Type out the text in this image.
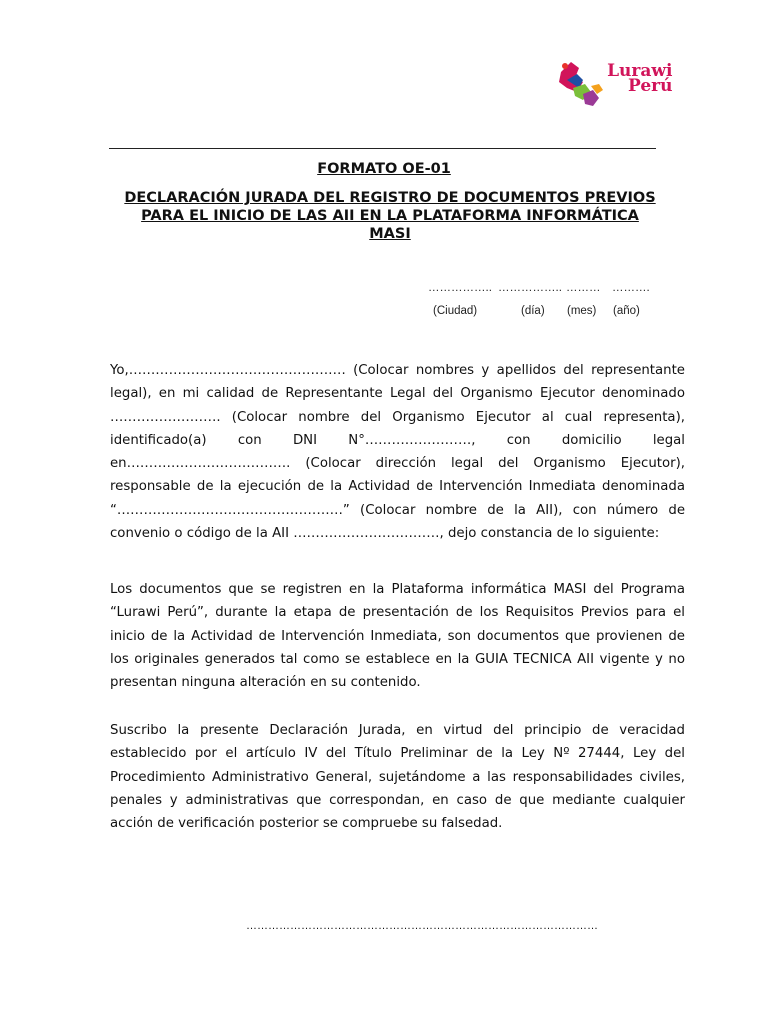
Lurawi
Perú
FORMATO OE-01
DECLARACIÓN JURADA DEL REGISTRO DE DOCUMENTOS PREVIOS
PARA EL INICIO DE LAS AII EN LA PLATAFORMA INFORMÁTICA
MASI
…………….. …………….. ……… ……….
(Ciudad)	(día) (mes) (año)

Yo,…………………………………………. (Colocar nombres y apellidos del representante legal), en mi calidad de Representante Legal del Organismo Ejecutor denominado ……………………. (Colocar nombre del Organismo Ejecutor al cual representa), identificado(a) con DNI N°……………………, con domicilio legal en………………………………. (Colocar dirección legal del Organismo Ejecutor), responsable de la ejecución de la Actividad de Intervención Inmediata denominada “……………………………………………” (Colocar nombre de la AII), con número de convenio o código de la AII ……………………………, dejo constancia de lo siguiente:

Los documentos que se registren en la Plataforma informática MASI del Programa “Lurawi Perú”, durante la etapa de presentación de los Requisitos Previos para el inicio de la Actividad de Intervención Inmediata, son documentos que provienen de los originales generados tal como se establece en la GUIA TECNICA AII vigente y no presentan ninguna alteración en su contenido.

Suscribo la presente Declaración Jurada, en virtud del principio de veracidad establecido por el artículo IV del Título Preliminar de la Ley Nº 27444, Ley del Procedimiento Administrativo General, sujetándome a las responsabilidades civiles, penales y administrativas que correspondan, en caso de que mediante cualquier acción de verificación posterior se compruebe su falsedad.

……………………………………………………………………………………
